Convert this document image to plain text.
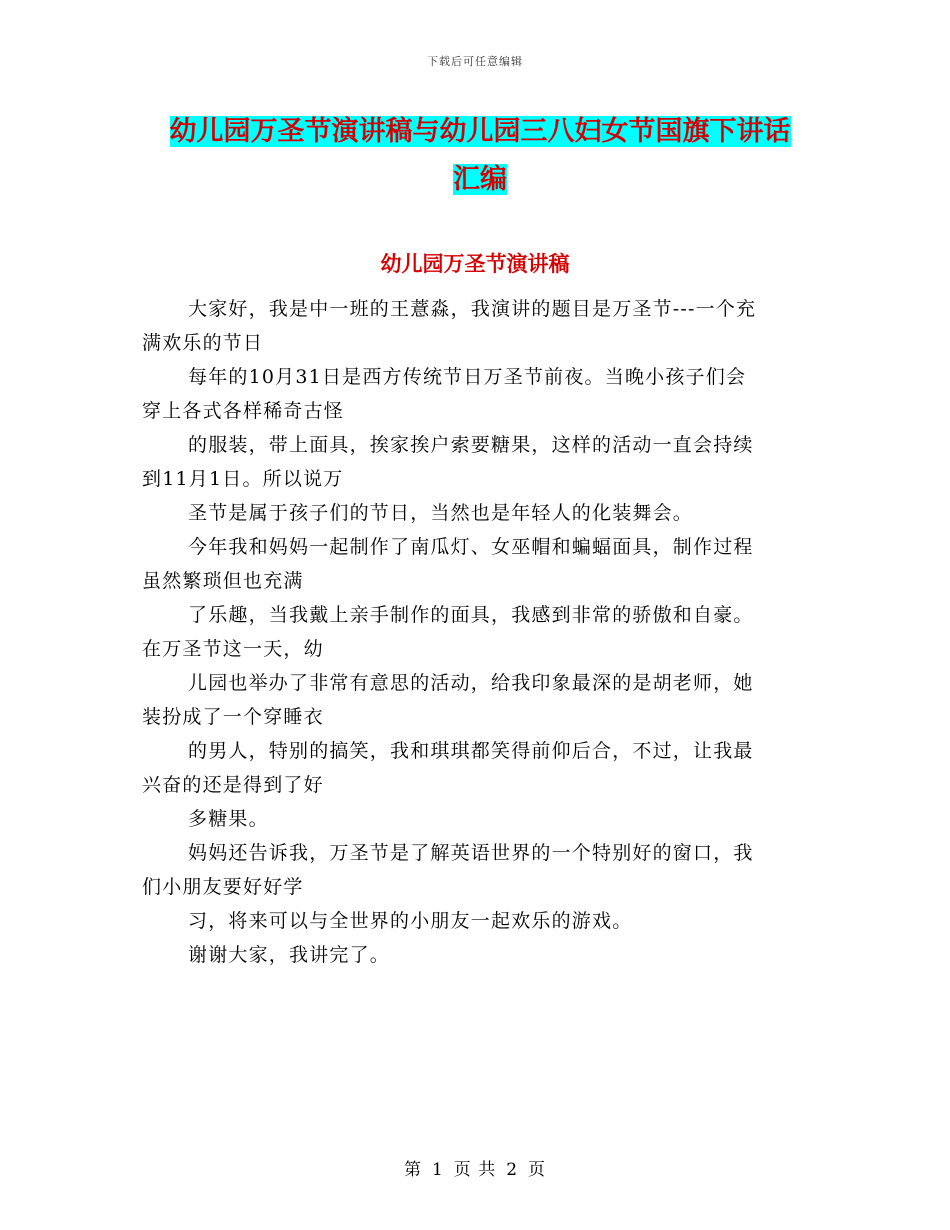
下载后可任意编辑
幼儿园万圣节演讲稿与幼儿园三八妇女节国旗下讲话
汇编
幼儿园万圣节演讲稿

大家好，我是中一班的王薏淼，我演讲的题目是万圣节---一个充
满欢乐的节日

每年的10月31日是西方传统节日万圣节前夜。当晚小孩子们会
穿上各式各样稀奇古怪

的服装，带上面具，挨家挨户索要糖果，这样的活动一直会持续
到11月1日。所以说万

圣节是属于孩子们的节日，当然也是年轻人的化装舞会。

今年我和妈妈一起制作了南瓜灯、女巫帽和蝙蝠面具，制作过程
虽然繁琐但也充满

了乐趣，当我戴上亲手制作的面具，我感到非常的骄傲和自豪。
在万圣节这一天，幼

儿园也举办了非常有意思的活动，给我印象最深的是胡老师，她
装扮成了一个穿睡衣

的男人，特别的搞笑，我和琪琪都笑得前仰后合，不过，让我最
兴奋的还是得到了好

多糖果。

妈妈还告诉我，万圣节是了解英语世界的一个特别好的窗口，我
们小朋友要好好学

习，将来可以与全世界的小朋友一起欢乐的游戏。

谢谢大家，我讲完了。

第 1 页 共 2 页
